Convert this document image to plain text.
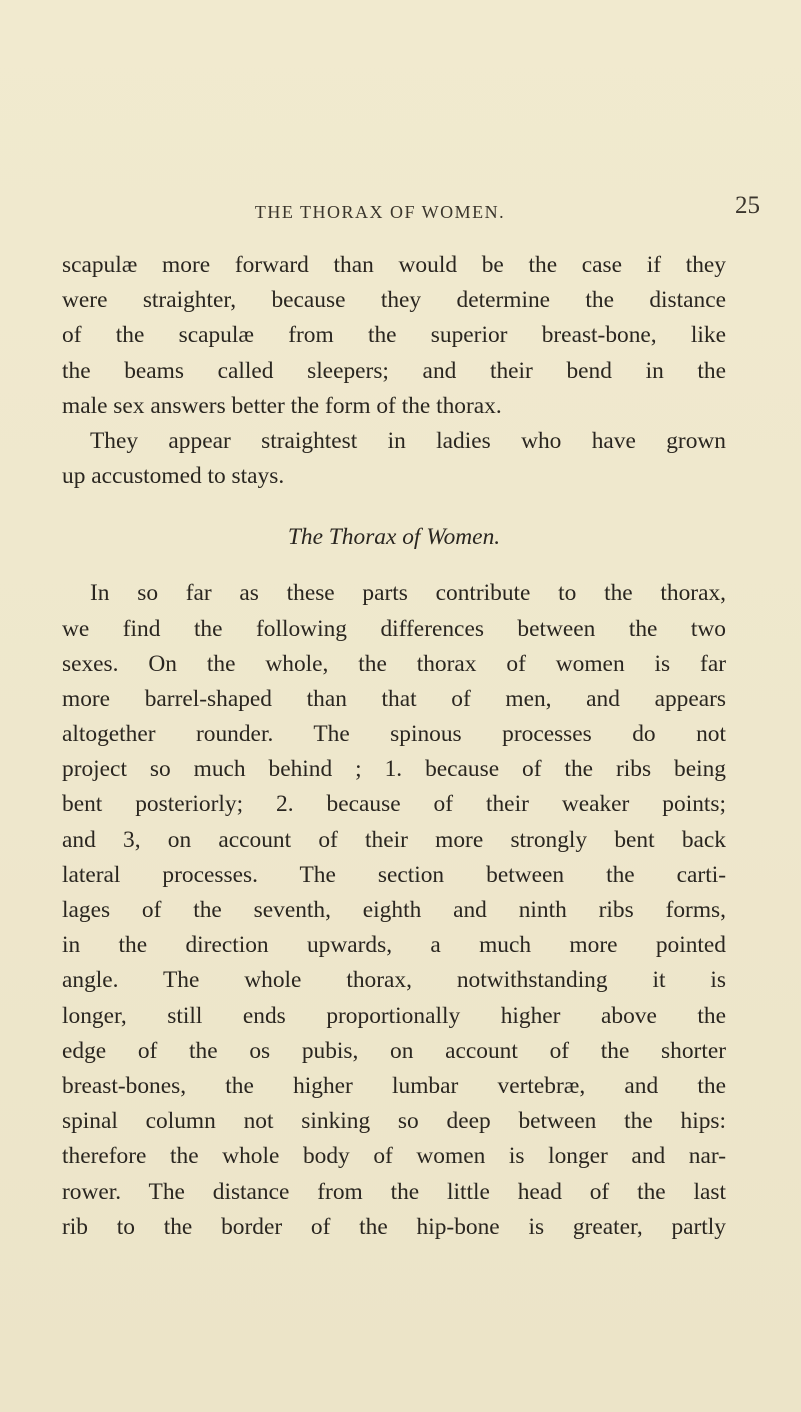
THE THORAX OF WOMEN.	25
scapulæ more forward than would be the case if they
were straighter, because they determine the distance
of the scapulæ from the superior breast-bone, like
the beams called sleepers; and their bend in the
male sex answers better the form of the thorax.
They appear straightest in ladies who have grown
up accustomed to stays.
The Thorax of Women.
In so far as these parts contribute to the thorax,
we find the following differences between the two
sexes. On the whole, the thorax of women is far
more barrel-shaped than that of men, and appears
altogether rounder. The spinous processes do not
project so much behind ; 1. because of the ribs being
bent posteriorly; 2. because of their weaker points;
and 3, on account of their more strongly bent back
lateral processes. The section between the carti-
lages of the seventh, eighth and ninth ribs forms,
in the direction upwards, a much more pointed
angle. The whole thorax, notwithstanding it is
longer, still ends proportionally higher above the
edge of the os pubis, on account of the shorter
breast-bones, the higher lumbar vertebræ, and the
spinal column not sinking so deep between the hips:
therefore the whole body of women is longer and nar-
rower. The distance from the little head of the last
rib to the border of the hip-bone is greater, partly
